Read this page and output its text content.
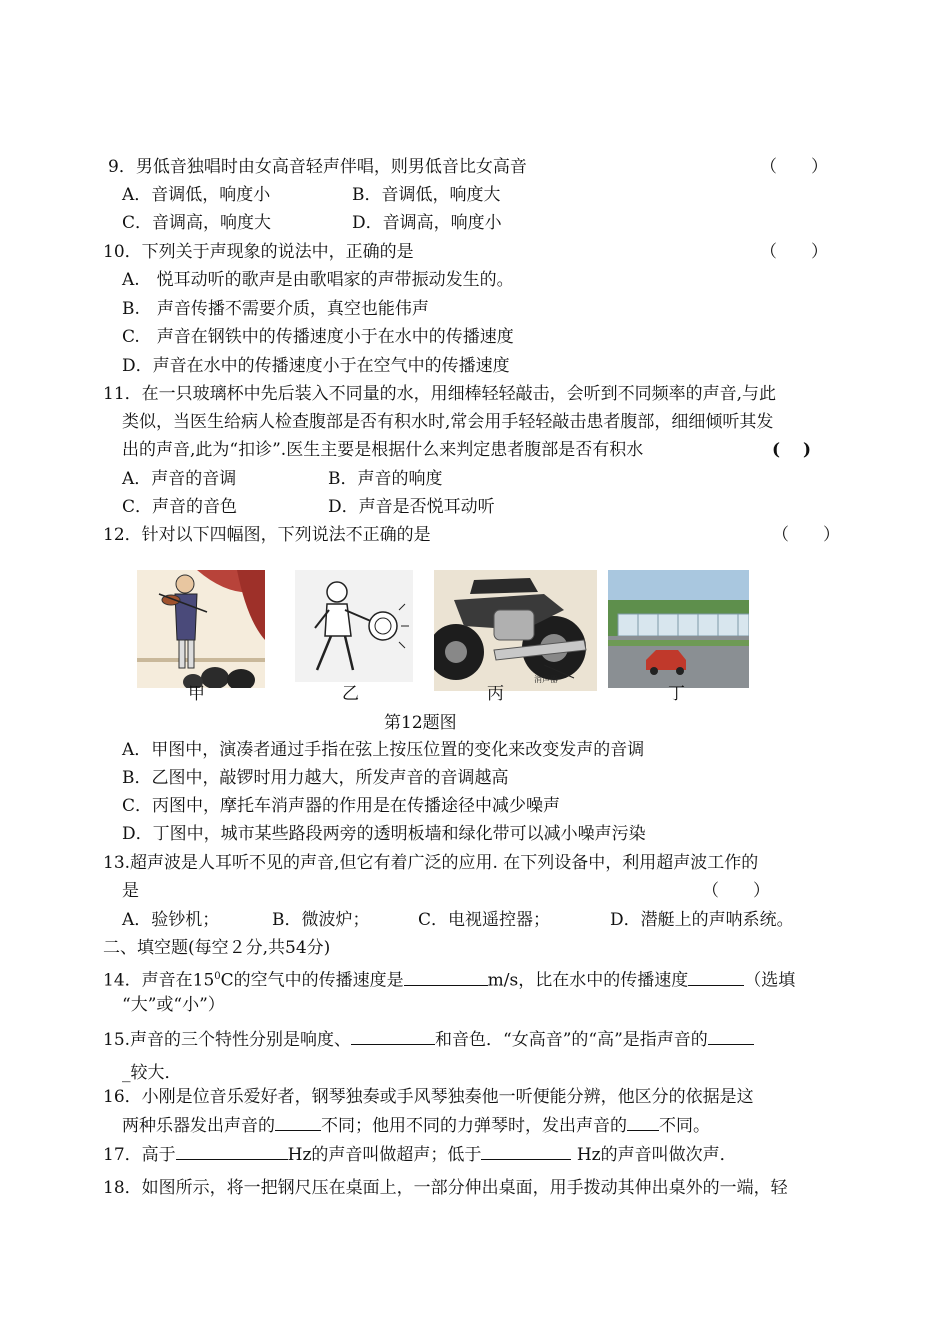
9．男低音独唱时由女高音轻声伴唱，则男低音比女高音	（　　）
A．音调低，响度小	B．音调低，响度大
C．音调高，响度大	D．音调高，响度小
10．下列关于声现象的说法中，正确的是	（　　）
A.　悦耳动听的歌声是由歌唱家的声带振动发生的。
B.　声音传播不需要介质，真空也能伟声
C.　声音在钢铁中的传播速度小于在水中的传播速度
D．声音在水中的传播速度小于在空气中的传播速度
11．在一只玻璃杯中先后装入不同量的水，用细棒轻轻敲击，会听到不同频率的声音,与此
类似，当医生给病人检查腹部是否有积水时,常会用手轻轻敲击患者腹部，细细倾听其发
出的声音,此为“扣诊”.医生主要是根据什么来判定患者腹部是否有积水	(　 )
A．声音的音调	B．声音的响度
C．声音的音色	D．声音是否悦耳动听
12．针对以下四幅图，下列说法不正确的是	（　　）
消声器
甲	乙	丙	丁
第12题图
A．甲图中，演凑者通过手指在弦上按压位置的变化来改变发声的音调
B．乙图中，敲锣时用力越大，所发声音的音调越高
C．丙图中，摩托车消声器的作用是在传播途径中减少噪声
D．丁图中，城市某些路段两旁的透明板墙和绿化带可以减小噪声污染
13.超声波是人耳听不见的声音,但它有着广泛的应用. 在下列设备中，利用超声波工作的
是	（　　）
A．验钞机；	B．微波炉；	C．电视遥控器；	D．潜艇上的声呐系统。
二、填空题(每空２分,共54分)
14．声音在$15^0C$的空气中的传播速度是	m/s，比在水中的传播速度	（选填
“大”或“小”）
15.声音的三个特性分别是响度、	和音色．“女高音”的“高”是指声音的
_较大．
16．小刚是位音乐爱好者，钢琴独奏或手风琴独奏他一听便能分辨，他区分的依据是这
两种乐器发出声音的	不同；他用不同的力弹琴时，发出声音的 不同。
17．高于	Hz的声音叫做超声；低于	Hz的声音叫做次声．
18．如图所示，将一把钢尺压在桌面上，一部分伸出桌面，用手拨动其伸出桌外的一端，轻
